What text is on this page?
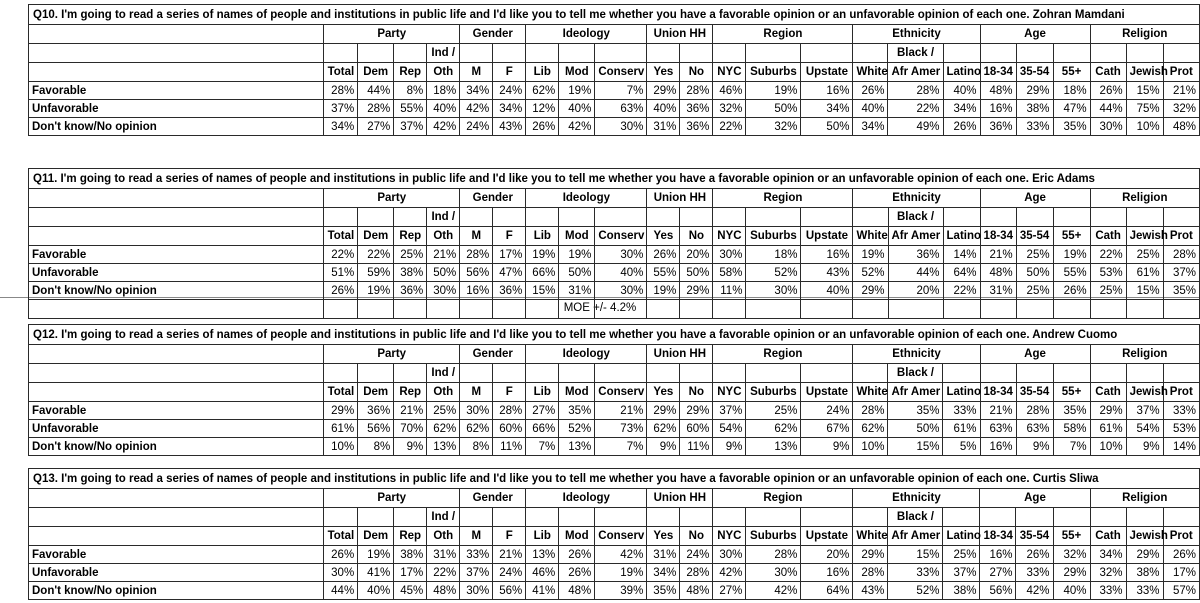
MOE +/- 4.2%
Q10. I'm going to read a series of names of people and institutions in public life and I'd like you to tell me whether you have a favorable opinion or an unfavorable opinion of each one. Zohran Mamdani																							
	Party				Gender		Ideology			Union HH		Region			Ethnicity			Age			Religion		
				Ind /												Black /							
	Total	Dem	Rep	Oth	M	F	Lib	Mod	Conserv	Yes	No	NYC	Suburbs	Upstate	White	Afr Amer	Latino	18-34	35-54	55+	Cath	Jewish	Prot
Favorable	28%	44%	8%	18%	34%	24%	62%	19%	7%	29%	28%	46%	19%	16%	26%	28%	40%	48%	29%	18%	26%	15%	21%
Unfavorable	37%	28%	55%	40%	42%	34%	12%	40%	63%	40%	36%	32%	50%	34%	40%	22%	34%	16%	38%	47%	44%	75%	32%
Don't know/No opinion	34%	27%	37%	42%	24%	43%	26%	42%	30%	31%	36%	22%	32%	50%	34%	49%	26%	36%	33%	35%	30%	10%	48%
Q11. I'm going to read a series of names of people and institutions in public life and I'd like you to tell me whether you have a favorable opinion or an unfavorable opinion of each one. Eric Adams																							
	Party				Gender		Ideology			Union HH		Region			Ethnicity			Age			Religion		
				Ind /												Black /							
	Total	Dem	Rep	Oth	M	F	Lib	Mod	Conserv	Yes	No	NYC	Suburbs	Upstate	White	Afr Amer	Latino	18-34	35-54	55+	Cath	Jewish	Prot
Favorable	22%	22%	25%	21%	28%	17%	19%	19%	30%	26%	20%	30%	18%	16%	19%	36%	14%	21%	25%	19%	22%	25%	28%
Unfavorable	51%	59%	38%	50%	56%	47%	66%	50%	40%	55%	50%	58%	52%	43%	52%	44%	64%	48%	50%	55%	53%	61%	37%
Don't know/No opinion	26%	19%	36%	30%	16%	36%	15%	31%	30%	19%	29%	11%	30%	40%	29%	20%	22%	31%	25%	26%	25%	15%	35%

Q12. I'm going to read a series of names of people and institutions in public life and I'd like you to tell me whether you have a favorable opinion or an unfavorable opinion of each one. Andrew Cuomo																							
	Party				Gender		Ideology			Union HH		Region			Ethnicity			Age			Religion		
				Ind /												Black /							
	Total	Dem	Rep	Oth	M	F	Lib	Mod	Conserv	Yes	No	NYC	Suburbs	Upstate	White	Afr Amer	Latino	18-34	35-54	55+	Cath	Jewish	Prot
Favorable	29%	36%	21%	25%	30%	28%	27%	35%	21%	29%	29%	37%	25%	24%	28%	35%	33%	21%	28%	35%	29%	37%	33%
Unfavorable	61%	56%	70%	62%	62%	60%	66%	52%	73%	62%	60%	54%	62%	67%	62%	50%	61%	63%	63%	58%	61%	54%	53%
Don't know/No opinion	10%	8%	9%	13%	8%	11%	7%	13%	7%	9%	11%	9%	13%	9%	10%	15%	5%	16%	9%	7%	10%	9%	14%
Q13. I'm going to read a series of names of people and institutions in public life and I'd like you to tell me whether you have a favorable opinion or an unfavorable opinion of each one. Curtis Sliwa																							
	Party				Gender		Ideology			Union HH		Region			Ethnicity			Age			Religion		
				Ind /												Black /							
	Total	Dem	Rep	Oth	M	F	Lib	Mod	Conserv	Yes	No	NYC	Suburbs	Upstate	White	Afr Amer	Latino	18-34	35-54	55+	Cath	Jewish	Prot
Favorable	26%	19%	38%	31%	33%	21%	13%	26%	42%	31%	24%	30%	28%	20%	29%	15%	25%	16%	26%	32%	34%	29%	26%
Unfavorable	30%	41%	17%	22%	37%	24%	46%	26%	19%	34%	28%	42%	30%	16%	28%	33%	37%	27%	33%	29%	32%	38%	17%
Don't know/No opinion	44%	40%	45%	48%	30%	56%	41%	48%	39%	35%	48%	27%	42%	64%	43%	52%	38%	56%	42%	40%	33%	33%	57%
